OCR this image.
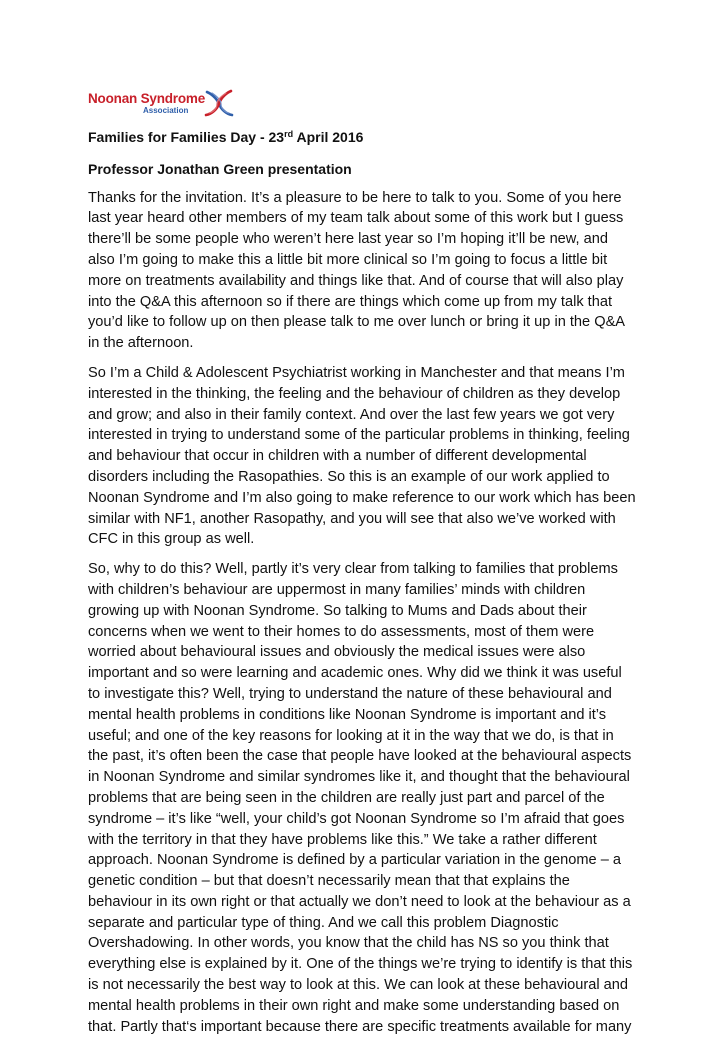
Noonan Syndrome
Association

Families for Families Day - 23rd April 2016

Professor Jonathan Green presentation

Thanks for the invitation. It’s a pleasure to be here to talk to you. Some of you here
last year heard other members of my team talk about some of this work but I guess
there’ll be some people who weren’t here last year so I’m hoping it’ll be new, and
also I’m going to make this a little bit more clinical so I’m going to focus a little bit
more on treatments availability and things like that. And of course that will also play
into the Q&A this afternoon so if there are things which come up from my talk that
you’d like to follow up on then please talk to me over lunch or bring it up in the Q&A
in the afternoon.

So I’m a Child & Adolescent Psychiatrist working in Manchester and that means I’m
interested in the thinking, the feeling and the behaviour of children as they develop
and grow; and also in their family context. And over the last few years we got very
interested in trying to understand some of the particular problems in thinking, feeling
and behaviour that occur in children with a number of different developmental
disorders including the Rasopathies. So this is an example of our work applied to
Noonan Syndrome and I’m also going to make reference to our work which has been
similar with NF1, another Rasopathy, and you will see that also we’ve worked with
CFC in this group as well.

So, why to do this? Well, partly it’s very clear from talking to families that problems
with children’s behaviour are uppermost in many families’ minds with children
growing up with Noonan Syndrome. So talking to Mums and Dads about their
concerns when we went to their homes to do assessments, most of them were
worried about behavioural issues and obviously the medical issues were also
important and so were learning and academic ones. Why did we think it was useful
to investigate this? Well, trying to understand the nature of these behavioural and
mental health problems in conditions like Noonan Syndrome is important and it’s
useful; and one of the key reasons for looking at it in the way that we do, is that in
the past, it’s often been the case that people have looked at the behavioural aspects
in Noonan Syndrome and similar syndromes like it, and thought that the behavioural
problems that are being seen in the children are really just part and parcel of the
syndrome – it’s like “well, your child’s got Noonan Syndrome so I’m afraid that goes
with the territory in that they have problems like this.” We take a rather different
approach. Noonan Syndrome is defined by a particular variation in the genome – a
genetic condition – but that doesn’t necessarily mean that that explains the
behaviour in its own right or that actually we don’t need to look at the behaviour as a
separate and particular type of thing. And we call this problem Diagnostic
Overshadowing. In other words, you know that the child has NS so you think that
everything else is explained by it. One of the things we’re trying to identify is that this
is not necessarily the best way to look at this. We can look at these behavioural and
mental health problems in their own right and make some understanding based on
that. Partly that‘s important because there are specific treatments available for many
